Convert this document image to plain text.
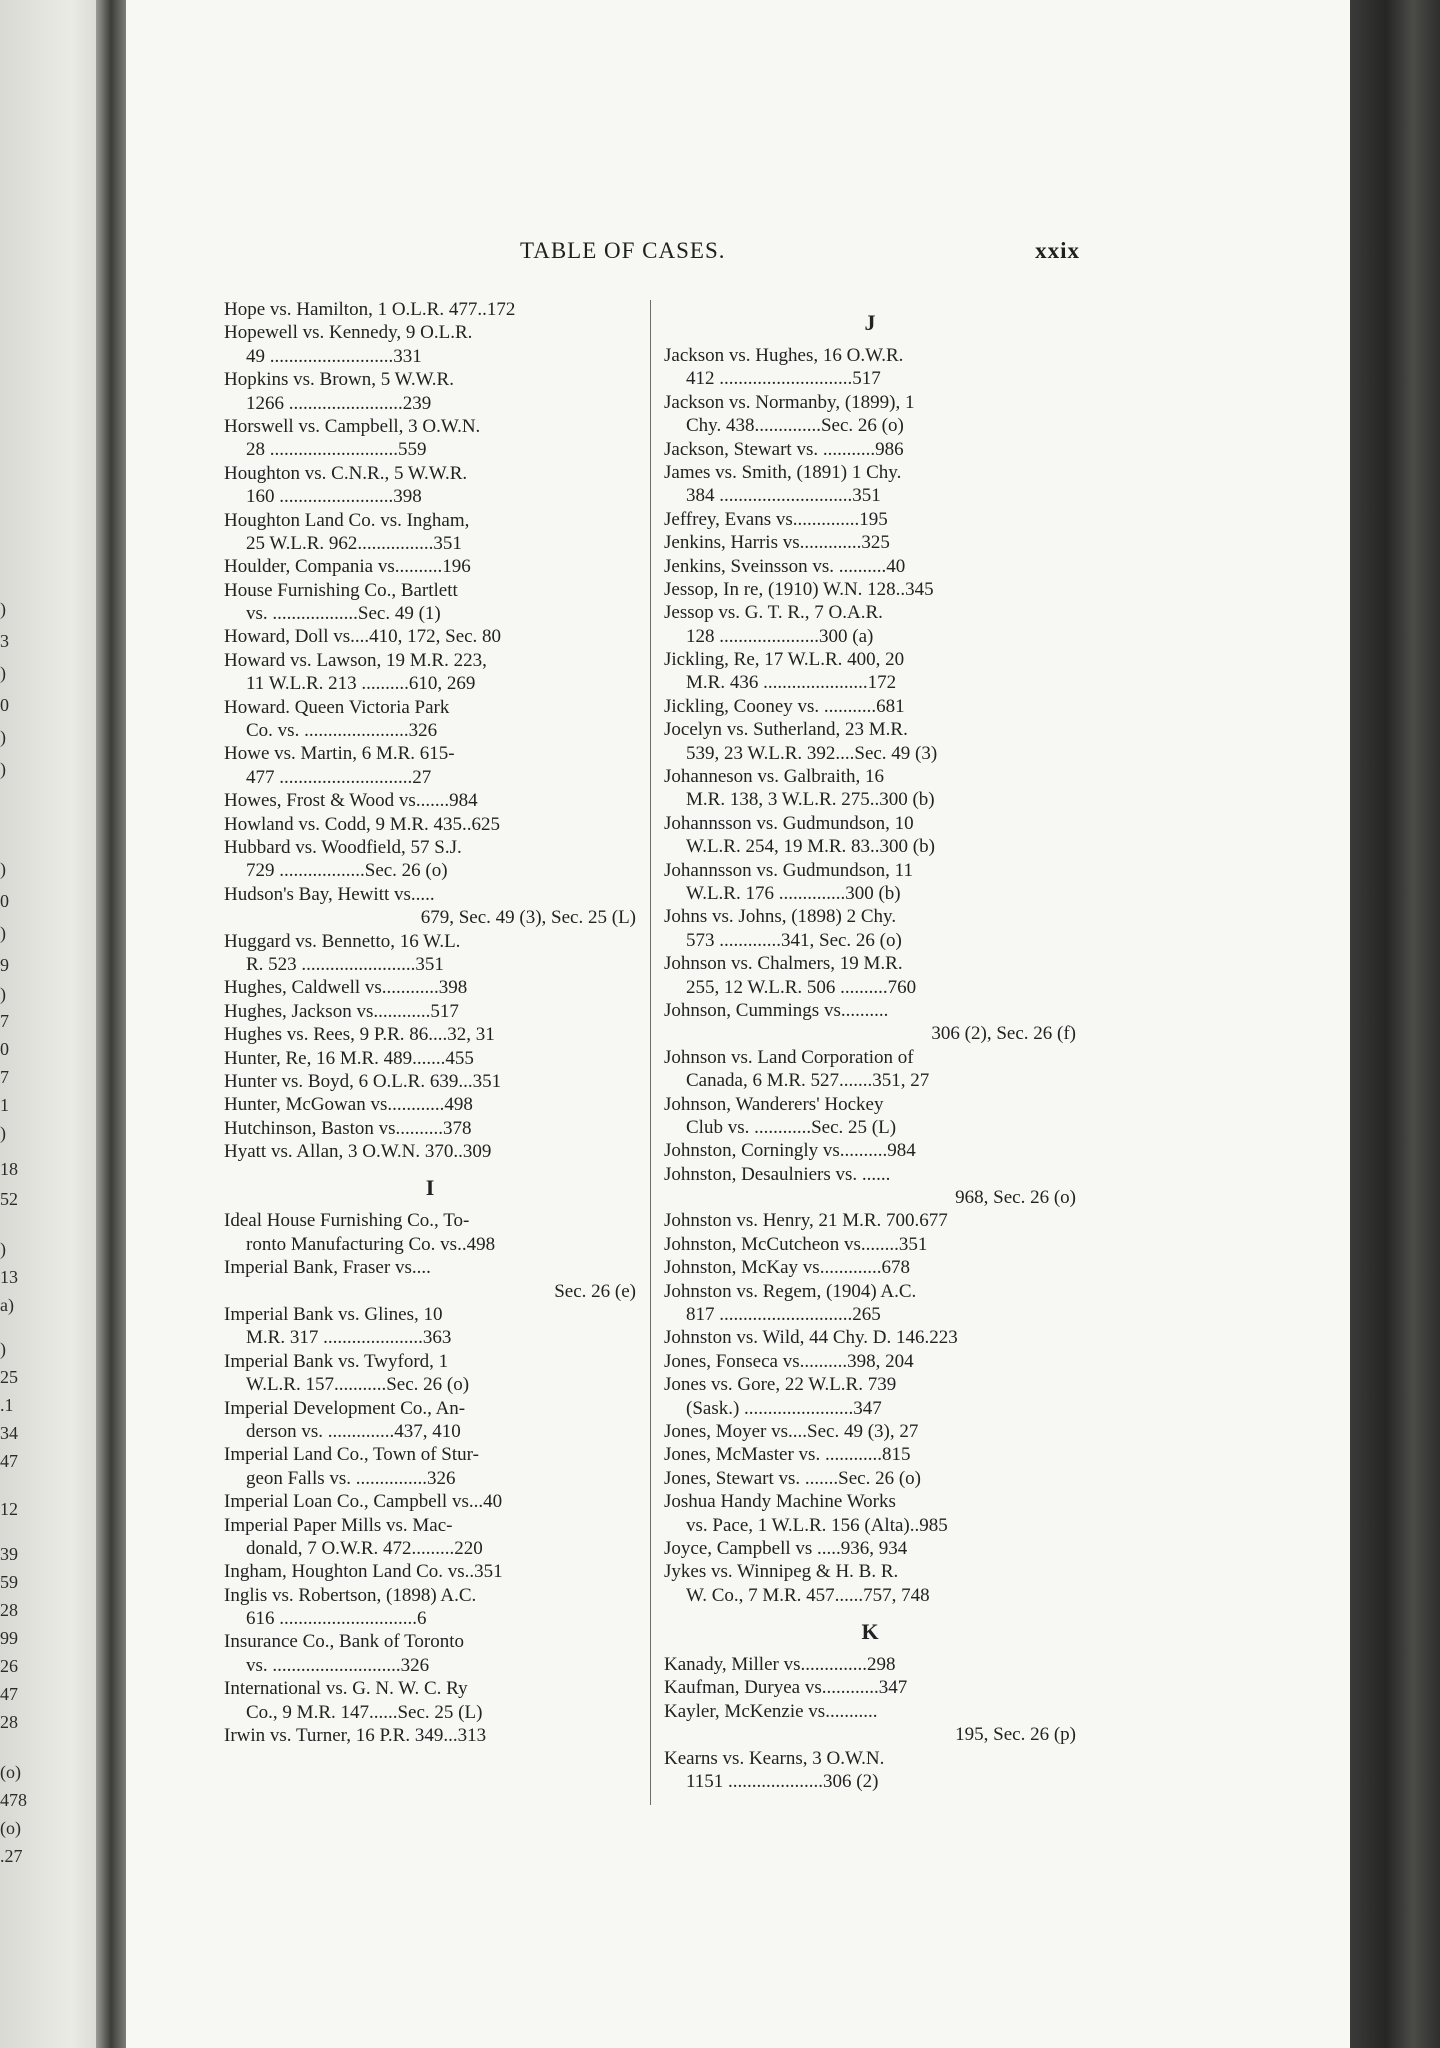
)
3
)
0
)
)
)
0
)
9
)
7
0
7
1
)
18
52
)
13
a)
)
25
.1
34
47
12
39
59
28
99
26
47
28
(o)
478
(o)
.27
TABLE OF CASES.	xxix
Hope vs. Hamilton, 1 O.L.R. 477..172
Hopewell vs. Kennedy, 9 O.L.R.
49 ..........................331
Hopkins vs. Brown, 5 W.W.R.
1266 ........................239
Horswell vs. Campbell, 3 O.W.N.
28 ...........................559
Houghton vs. C.N.R., 5 W.W.R.
160 ........................398
Houghton Land Co. vs. Ingham,
25 W.L.R. 962................351
Houlder, Compania vs..........196
House Furnishing Co., Bartlett
vs. ..................Sec. 49 (1)
Howard, Doll vs....410, 172, Sec. 80
Howard vs. Lawson, 19 M.R. 223,
11 W.L.R. 213 ..........610, 269
Howard. Queen Victoria Park
Co. vs. ......................326
Howe vs. Martin, 6 M.R. 615-
477 ............................27
Howes, Frost & Wood vs.......984
Howland vs. Codd, 9 M.R. 435..625
Hubbard vs. Woodfield, 57 S.J.
729 ..................Sec. 26 (o)
Hudson's Bay, Hewitt vs.....
679, Sec. 49 (3), Sec. 25 (L)
Huggard vs. Bennetto, 16 W.L.
R. 523 ........................351
Hughes, Caldwell vs............398
Hughes, Jackson vs............517
Hughes vs. Rees, 9 P.R. 86....32, 31
Hunter, Re, 16 M.R. 489.......455
Hunter vs. Boyd, 6 O.L.R. 639...351
Hunter, McGowan vs............498
Hutchinson, Baston vs..........378
Hyatt vs. Allan, 3 O.W.N. 370..309
I
Ideal House Furnishing Co., To-
ronto Manufacturing Co. vs..498
Imperial Bank, Fraser vs....
Sec. 26 (e)
Imperial Bank vs. Glines, 10
M.R. 317 .....................363
Imperial Bank vs. Twyford, 1
W.L.R. 157...........Sec. 26 (o)
Imperial Development Co., An-
derson vs. ..............437, 410
Imperial Land Co., Town of Stur-
geon Falls vs. ...............326
Imperial Loan Co., Campbell vs...40
Imperial Paper Mills vs. Mac-
donald, 7 O.W.R. 472.........220
Ingham, Houghton Land Co. vs..351
Inglis vs. Robertson, (1898) A.C.
616 .............................6
Insurance Co., Bank of Toronto
vs. ...........................326
International vs. G. N. W. C. Ry
Co., 9 M.R. 147......Sec. 25 (L)
Irwin vs. Turner, 16 P.R. 349...313
J
Jackson vs. Hughes, 16 O.W.R.
412 ............................517
Jackson vs. Normanby, (1899), 1
Chy. 438..............Sec. 26 (o)
Jackson, Stewart vs. ...........986
James vs. Smith, (1891) 1 Chy.
384 ............................351
Jeffrey, Evans vs..............195
Jenkins, Harris vs.............325
Jenkins, Sveinsson vs. ..........40
Jessop, In re, (1910) W.N. 128..345
Jessop vs. G. T. R., 7 O.A.R.
128 .....................300 (a)
Jickling, Re, 17 W.L.R. 400, 20
M.R. 436 ......................172
Jickling, Cooney vs. ...........681
Jocelyn vs. Sutherland, 23 M.R.
539, 23 W.L.R. 392....Sec. 49 (3)
Johanneson vs. Galbraith, 16
M.R. 138, 3 W.L.R. 275..300 (b)
Johannsson vs. Gudmundson, 10
W.L.R. 254, 19 M.R. 83..300 (b)
Johannsson vs. Gudmundson, 11
W.L.R. 176 ..............300 (b)
Johns vs. Johns, (1898) 2 Chy.
573 .............341, Sec. 26 (o)
Johnson vs. Chalmers, 19 M.R.
255, 12 W.L.R. 506 ..........760
Johnson, Cummings vs..........
306 (2), Sec. 26 (f)
Johnson vs. Land Corporation of
Canada, 6 M.R. 527.......351, 27
Johnson, Wanderers' Hockey
Club vs. ............Sec. 25 (L)
Johnston, Corningly vs..........984
Johnston, Desaulniers vs. ......
968, Sec. 26 (o)
Johnston vs. Henry, 21 M.R. 700.677
Johnston, McCutcheon vs........351
Johnston, McKay vs.............678
Johnston vs. Regem, (1904) A.C.
817 ............................265
Johnston vs. Wild, 44 Chy. D. 146.223
Jones, Fonseca vs..........398, 204
Jones vs. Gore, 22 W.L.R. 739
(Sask.) .......................347
Jones, Moyer vs....Sec. 49 (3), 27
Jones, McMaster vs. ............815
Jones, Stewart vs. .......Sec. 26 (o)
Joshua Handy Machine Works
vs. Pace, 1 W.L.R. 156 (Alta)..985
Joyce, Campbell vs .....936, 934
Jykes vs. Winnipeg & H. B. R.
W. Co., 7 M.R. 457......757, 748
K
Kanady, Miller vs..............298
Kaufman, Duryea vs............347
Kayler, McKenzie vs...........
195, Sec. 26 (p)
Kearns vs. Kearns, 3 O.W.N.
1151 ....................306 (2)
